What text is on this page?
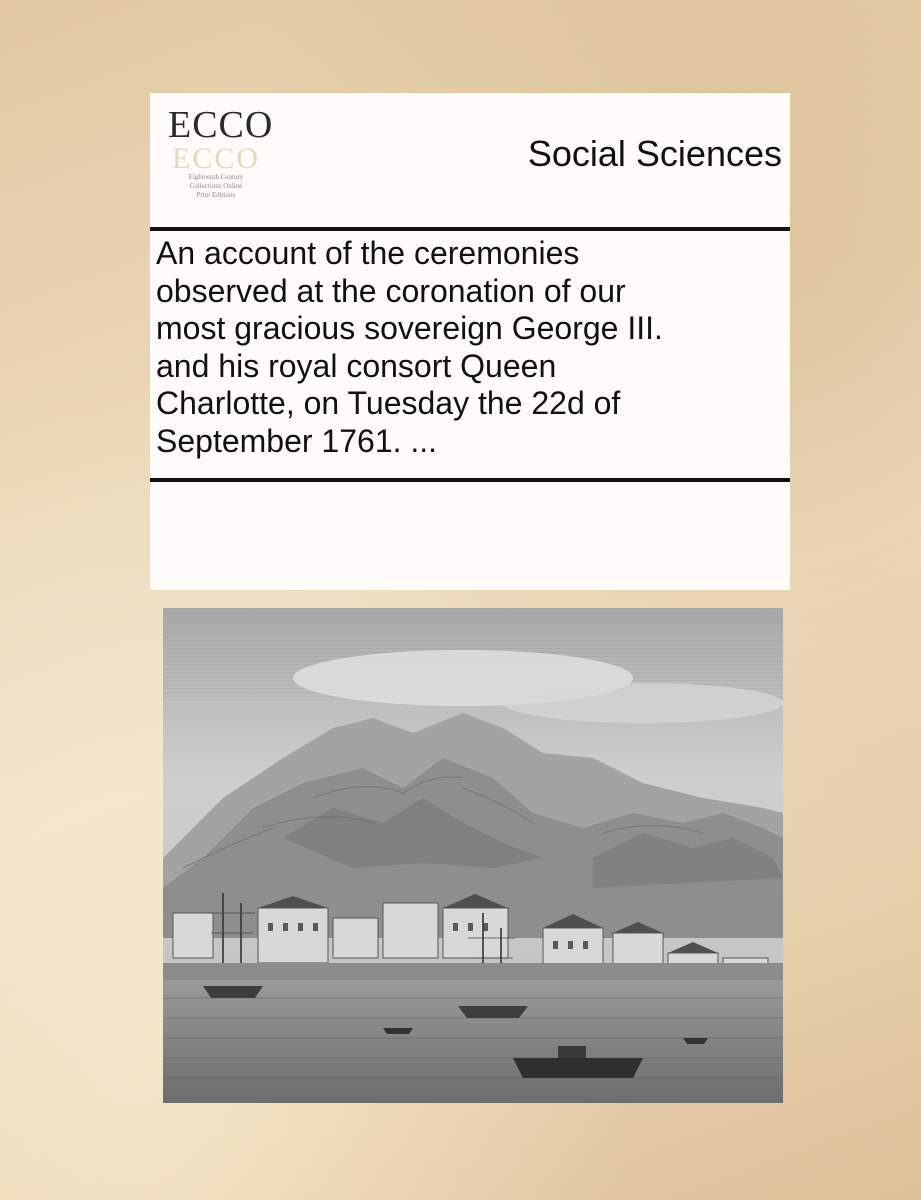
ECCO
ECCO
Eighteenth Century
Collections Online
Print Editions
Social Sciences
An account of the ceremonies
observed at the coronation of our
most gracious sovereign George III.
and his royal consort Queen
Charlotte, on Tuesday the 22d of
September 1761. ...
